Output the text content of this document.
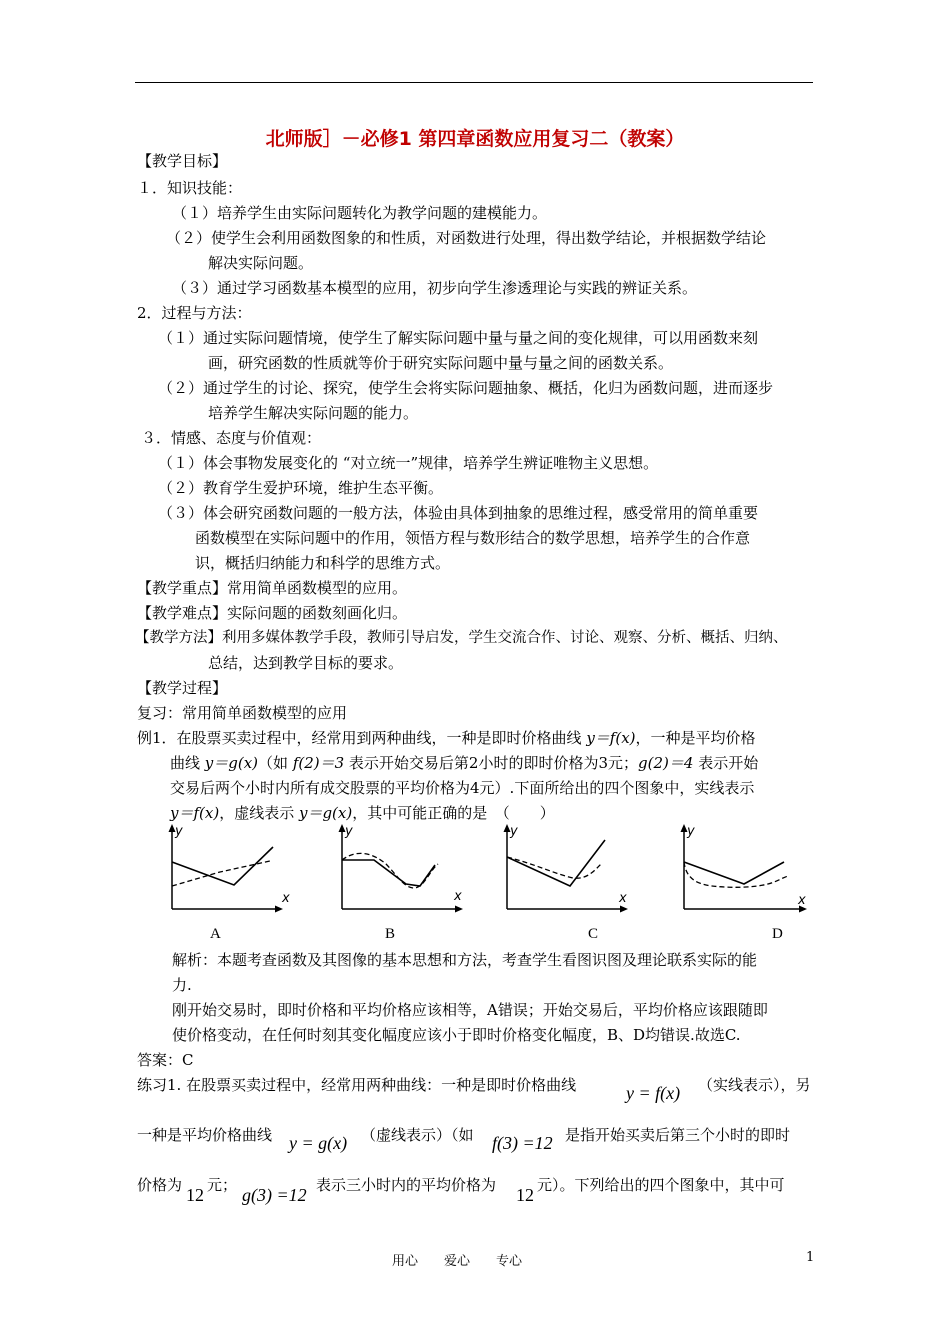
北师版］－必修1 第四章函数应用复习二（教案）
【教学目标】
１．知识技能：
（１）培养学生由实际问题转化为教学问题的建模能力。
（２）使学生会利用函数图象的和性质，对函数进行处理，得出数学结论，并根据数学结论
解决实际问题。
（３）通过学习函数基本模型的应用，初步向学生渗透理论与实践的辨证关系。
2．过程与方法：
（１）通过实际问题情境，使学生了解实际问题中量与量之间的变化规律，可以用函数来刻
画，研究函数的性质就等价于研究实际问题中量与量之间的函数关系。
（２）通过学生的讨论、探究，使学生会将实际问题抽象、概括，化归为函数问题，进而逐步
培养学生解决实际问题的能力。
３．情感、态度与价值观：
（１）体会事物发展变化的 “对立统一”规律，培养学生辨证唯物主义思想。
（２）教育学生爱护环境，维护生态平衡。
（３）体会研究函数问题的一般方法，体验由具体到抽象的思维过程，感受常用的简单重要
函数模型在实际问题中的作用，领悟方程与数形结合的数学思想，培养学生的合作意
识，概括归纳能力和科学的思维方式。
【教学重点】常用简单函数模型的应用。
【教学难点】实际问题的函数刻画化归。
【教学方法】利用多媒体教学手段，教师引导启发，学生交流合作、讨论、观察、分析、概括、归纳、
总结，达到教学目标的要求。
【教学过程】
复习：常用简单函数模型的应用
例1．在股票买卖过程中，经常用到两种曲线，一种是即时价格曲线 y＝f(x)，一种是平均价格
曲线 y＝g(x)（如 f(2)＝3 表示开始交易后第2小时的即时价格为3元；g(2)＝4 表示开始
交易后两个小时内所有成交股票的平均价格为4元）.下面所给出的四个图象中，实线表示
y＝f(x)，虚线表示 y＝g(x)，其中可能正确的是　（　　）
y
x
A
y
x
B
y
x
C
y
x
D
解析：本题考查函数及其图像的基本思想和方法，考查学生看图识图及理论联系实际的能
力.
刚开始交易时，即时价格和平均价格应该相等，A错误；开始交易后，平均价格应该跟随即
使价格变动，在任何时刻其变化幅度应该小于即时价格变化幅度，B、D均错误.故选C.
答案：C
练习1. 在股票买卖过程中，经常用两种曲线：一种是即时价格曲线	y = f(x) （实线表示），另
一种是平均价格曲线 y = g(x) （虚线表示）（如 f(3) =12 是指开始买卖后第三个小时的即时
价格为 12 元； g(3) =12 表示三小时内的平均价格为 12 元）。下列给出的四个图象中，其中可
用心　　爱心　　专心	1
